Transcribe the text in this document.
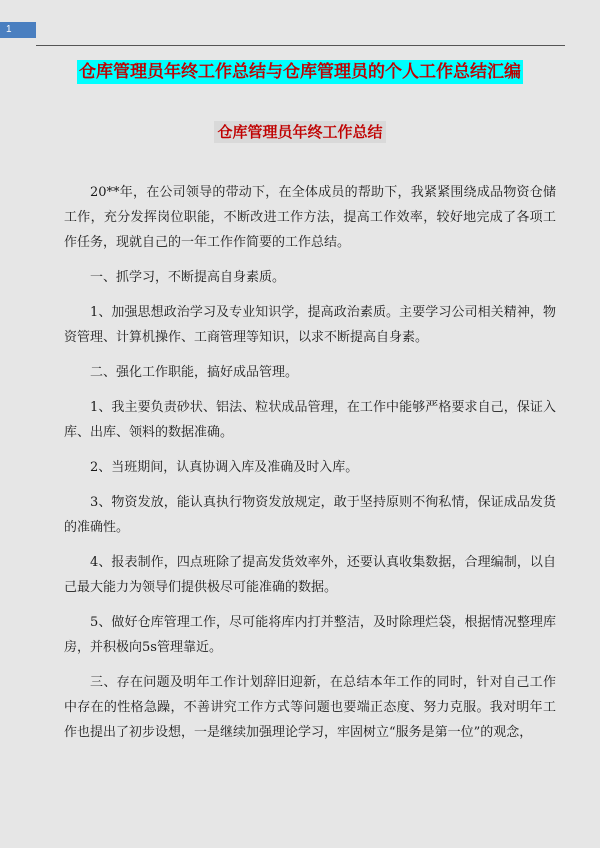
1
仓库管理员年终工作总结与仓库管理员的个人工作总结汇编
仓库管理员年终工作总结

20**年，在公司领导的带动下，在全体成员的帮助下，我紧紧围绕成品物资仓储工作，充分发挥岗位职能，不断改进工作方法，提高工作效率，较好地完成了各项工作任务，现就自己的一年工作作简要的工作总结。

一、抓学习，不断提高自身素质。

1、加强思想政治学习及专业知识学，提高政治素质。主要学习公司相关精神，物资管理、计算机操作、工商管理等知识，以求不断提高自身素。

二、强化工作职能，搞好成品管理。

1、我主要负责砂状、铝法、粒状成品管理，在工作中能够严格要求自己，保证入库、出库、领料的数据准确。

2、当班期间，认真协调入库及准确及时入库。

3、物资发放，能认真执行物资发放规定，敢于坚持原则不徇私情，保证成品发货的准确性。

4、报表制作，四点班除了提高发货效率外，还要认真收集数据，合理编制，以自己最大能力为领导们提供极尽可能准确的数据。

5、做好仓库管理工作，尽可能将库内打并整洁，及时除理烂袋，根据情况整理库房，并积极向5s管理靠近。

三、存在问题及明年工作计划辞旧迎新，在总结本年工作的同时，针对自己工作中存在的性格急躁，不善讲究工作方式等问题也要端正态度、努力克服。我对明年工作也提出了初步设想，一是继续加强理论学习，牢固树立“服务是第一位”的观念，
